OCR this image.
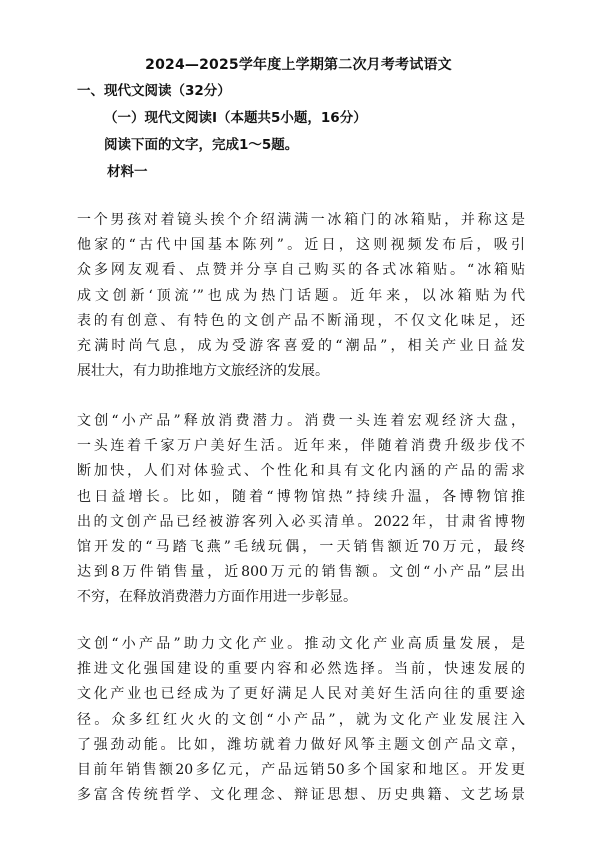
2024—2025学年度上学期第二次月考考试语文
一、现代文阅读（32分）
（一）现代文阅读Ⅰ（本题共5小题，16分）
阅读下面的文字，完成1～5题。
材料一
一个男孩对着镜头挨个介绍满满一冰箱门的冰箱贴，并称这是
他家的“古代中国基本陈列”。近日，这则视频发布后，吸引
众多网友观看、点赞并分享自己购买的各式冰箱贴。“冰箱贴
成文创新‘顶流’”也成为热门话题。近年来，以冰箱贴为代
表的有创意、有特色的文创产品不断涌现，不仅文化味足，还
充满时尚气息，成为受游客喜爱的“潮品”，相关产业日益发
展壮大，有力助推地方文旅经济的发展。
文创“小产品”释放消费潜力。消费一头连着宏观经济大盘，
一头连着千家万户美好生活。近年来，伴随着消费升级步伐不
断加快，人们对体验式、个性化和具有文化内涵的产品的需求
也日益增长。比如，随着“博物馆热”持续升温，各博物馆推
出的文创产品已经被游客列入必买清单。2022年，甘肃省博物
馆开发的“马踏飞燕”毛绒玩偶，一天销售额近70万元，最终
达到8万件销售量，近800万元的销售额。文创“小产品”层出
不穷，在释放消费潜力方面作用进一步彰显。
文创“小产品”助力文化产业。推动文化产业高质量发展，是
推进文化强国建设的重要内容和必然选择。当前，快速发展的
文化产业也已经成为了更好满足人民对美好生活向往的重要途
径。众多红红火火的文创“小产品”，就为文化产业发展注入
了强劲动能。比如，潍坊就着力做好风筝主题文创产品文章，
目前年销售额20多亿元，产品远销50多个国家和地区。开发更
多富含传统哲学、文化理念、辩证思想、历史典籍、文艺场景
